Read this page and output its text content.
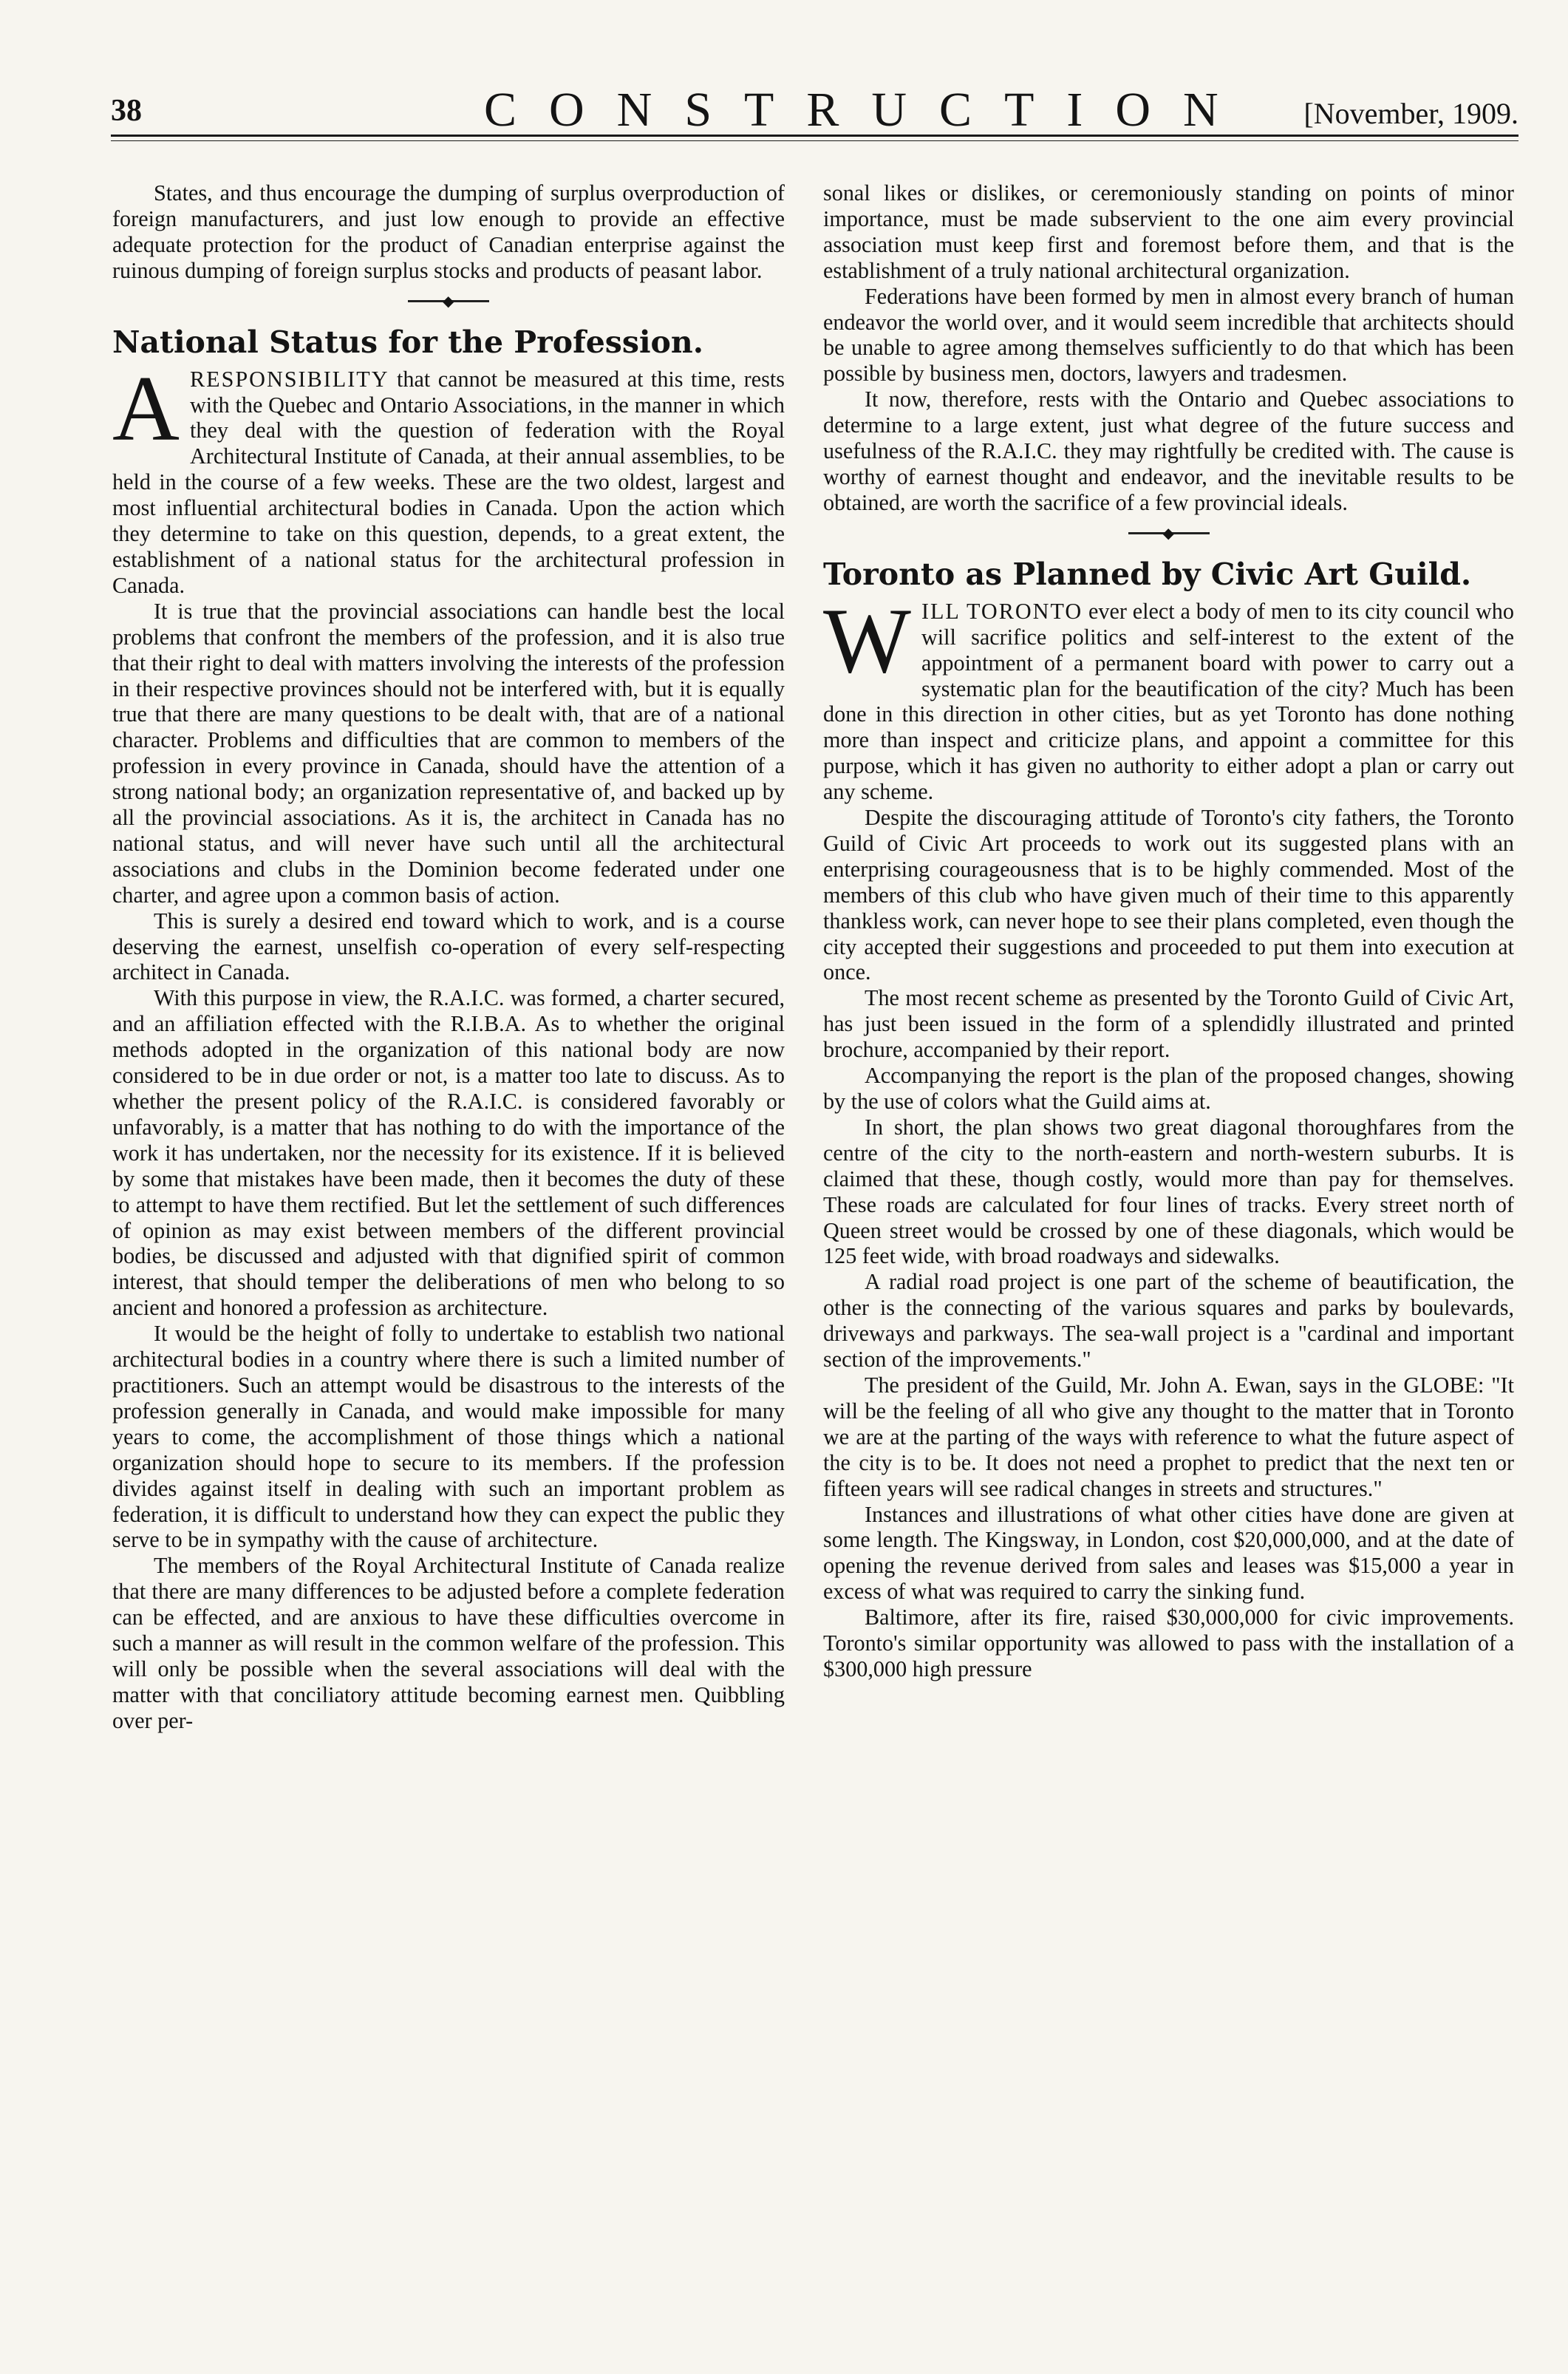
38	CONSTRUCTION [November, 1909.

States, and thus encourage the dumping of surplus overproduction of foreign manufacturers, and just low enough to provide an effective adequate protection for the product of Canadian enterprise against the ruinous dumping of foreign surplus stocks and products of peasant labor.

◆
National Status for the Profession.

ARESPONSIBILITY that cannot be measured at this time, rests with the Quebec and Ontario Associations, in the manner in which they deal with the question of federation with the Royal Architectural Institute of Canada, at their annual assemblies, to be held in the course of a few weeks. These are the two oldest, largest and most influential architectural bodies in Canada. Upon the action which they determine to take on this question, depends, to a great extent, the establishment of a national status for the architectural profession in Canada.

It is true that the provincial associations can handle best the local problems that confront the members of the profession, and it is also true that their right to deal with matters involving the interests of the profession in their respective provinces should not be interfered with, but it is equally true that there are many questions to be dealt with, that are of a national character. Problems and difficulties that are common to members of the profession in every province in Canada, should have the attention of a strong national body; an organization representative of, and backed up by all the provincial associations. As it is, the architect in Canada has no national status, and will never have such until all the architectural associations and clubs in the Dominion become federated under one charter, and agree upon a common basis of action.

This is surely a desired end toward which to work, and is a course deserving the earnest, unselfish co-operation of every self-respecting architect in Canada.

With this purpose in view, the R.A.I.C. was formed, a charter secured, and an affiliation effected with the R.I.B.A. As to whether the original methods adopted in the organization of this national body are now considered to be in due order or not, is a matter too late to discuss. As to whether the present policy of the R.A.I.C. is considered favorably or unfavorably, is a matter that has nothing to do with the importance of the work it has undertaken, nor the necessity for its existence. If it is believed by some that mistakes have been made, then it becomes the duty of these to attempt to have them rectified. But let the settlement of such differences of opinion as may exist between members of the different provincial bodies, be discussed and adjusted with that dignified spirit of common interest, that should temper the deliberations of men who belong to so ancient and honored a profession as architecture.

It would be the height of folly to undertake to establish two national architectural bodies in a country where there is such a limited number of practitioners. Such an attempt would be disastrous to the interests of the profession generally in Canada, and would make impossible for many years to come, the accomplishment of those things which a national organization should hope to secure to its members. If the profession divides against itself in dealing with such an important problem as federation, it is difficult to understand how they can expect the public they serve to be in sympathy with the cause of architecture.

The members of the Royal Architectural Institute of Canada realize that there are many differences to be adjusted before a complete federation can be effected, and are anxious to have these difficulties overcome in such a manner as will result in the common welfare of the profession. This will only be possible when the several associations will deal with the matter with that conciliatory attitude becoming earnest men. Quibbling over per-

sonal likes or dislikes, or ceremoniously standing on points of minor importance, must be made subservient to the one aim every provincial association must keep first and foremost before them, and that is the establishment of a truly national architectural organization.

Federations have been formed by men in almost every branch of human endeavor the world over, and it would seem incredible that architects should be unable to agree among themselves sufficiently to do that which has been possible by business men, doctors, lawyers and tradesmen.

It now, therefore, rests with the Ontario and Quebec associations to determine to a large extent, just what degree of the future success and usefulness of the R.A.I.C. they may rightfully be credited with. The cause is worthy of earnest thought and endeavor, and the inevitable results to be obtained, are worth the sacrifice of a few provincial ideals.

◆
Toronto as Planned by Civic Art Guild.

WILL TORONTO ever elect a body of men to its city council who will sacrifice politics and self-interest to the extent of the appointment of a permanent board with power to carry out a systematic plan for the beautification of the city? Much has been done in this direction in other cities, but as yet Toronto has done nothing more than inspect and criticize plans, and appoint a committee for this purpose, which it has given no authority to either adopt a plan or carry out any scheme.

Despite the discouraging attitude of Toronto's city fathers, the Toronto Guild of Civic Art proceeds to work out its suggested plans with an enterprising courageousness that is to be highly commended. Most of the members of this club who have given much of their time to this apparently thankless work, can never hope to see their plans completed, even though the city accepted their suggestions and proceeded to put them into execution at once.

The most recent scheme as presented by the Toronto Guild of Civic Art, has just been issued in the form of a splendidly illustrated and printed brochure, accompanied by their report.

Accompanying the report is the plan of the proposed changes, showing by the use of colors what the Guild aims at.

In short, the plan shows two great diagonal thoroughfares from the centre of the city to the north-eastern and north-western suburbs. It is claimed that these, though costly, would more than pay for themselves. These roads are calculated for four lines of tracks. Every street north of Queen street would be crossed by one of these diagonals, which would be 125 feet wide, with broad roadways and sidewalks.

A radial road project is one part of the scheme of beautification, the other is the connecting of the various squares and parks by boulevards, driveways and parkways. The sea-wall project is a "cardinal and important section of the improvements."

The president of the Guild, Mr. John A. Ewan, says in the GLOBE: "It will be the feeling of all who give any thought to the matter that in Toronto we are at the parting of the ways with reference to what the future aspect of the city is to be. It does not need a prophet to predict that the next ten or fifteen years will see radical changes in streets and structures."

Instances and illustrations of what other cities have done are given at some length. The Kingsway, in London, cost $20,000,000, and at the date of opening the revenue derived from sales and leases was $15,000 a year in excess of what was required to carry the sinking fund.

Baltimore, after its fire, raised $30,000,000 for civic improvements. Toronto's similar opportunity was allowed to pass with the installation of a $300,000 high pressure
